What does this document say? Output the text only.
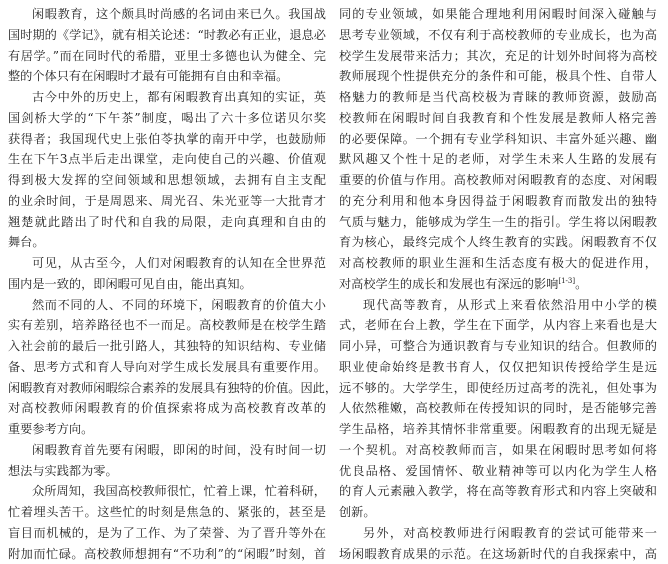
闲暇教育，这个颇具时尚感的名词由来已久。我国战
国时期的《学记》，就有相关论述：“时教必有正业，退息必
有居学。”而在同时代的希腊，亚里士多德也认为健全、完
整的个体只有在闲暇时才最有可能拥有自由和幸福。
古今中外的历史上，都有闲暇教育出真知的实证，英
国剑桥大学的“下午茶”制度，喝出了六十多位诺贝尔奖
获得者；我国现代史上张伯苓执掌的南开中学，也鼓励师
生在下午3点半后走出课堂，走向使自己的兴趣、价值观
得到极大发挥的空间领域和思想领域，去拥有自主支配
的业余时间，于是周恩来、周光召、朱光亚等一大批青才
翘楚就此踏出了时代和自我的局限，走向真理和自由的
舞台。
可见，从古至今，人们对闲暇教育的认知在全世界范
围内是一致的，即闲暇可见自由，能出真知。
然而不同的人、不同的环境下，闲暇教育的价值大小
实有差别，培养路径也不一而足。高校教师是在校学生踏
入社会前的最后一批引路人，其独特的知识结构、专业储
备、思考方式和育人导向对学生成长发展具有重要作用。
闲暇教育对教师闲暇综合素养的发展具有独特的价值。因此，
对高校教师闲暇教育的价值探索将成为高校教育改革的
重要参考方向。
闲暇教育首先要有闲暇，即闲的时间，没有时间一切
想法与实践都为零。
众所周知，我国高校教师很忙，忙着上课，忙着科研，
忙着埋头苦干。这些忙的时刻是焦急的、紧张的，甚至是
盲目而机械的，是为了工作、为了荣誉、为了晋升等外在
附加而忙碌。高校教师想拥有“不功利”的“闲暇”时刻，首
同的专业领域，如果能合理地利用闲暇时间深入碰触与
思考专业领域，不仅有利于高校教师的专业成长，也为高
校学生发展带来活力；其次，充足的计划外时间将为高校
教师展现个性提供充分的条件和可能，极具个性、自带人
格魅力的教师是当代高校极为青睐的教师资源，鼓励高
校教师在闲暇时间自我教育和个性发展是教师人格完善
的必要保障。一个拥有专业学科知识、丰富外延兴趣、幽
默风趣又个性十足的老师，对学生未来人生路的发展有
重要的价值与作用。高校教师对闲暇教育的态度、对闲暇
的充分利用和他本身因得益于闲暇教育而散发出的独特
气质与魅力，能够成为学生一生的指引。学生将以闲暇教
育为核心，最终完成个人终生教育的实践。闲暇教育不仅
对高校教师的职业生涯和生活态度有极大的促进作用，
对高校学生的成长和发展也有深远的影响[1-3]。
现代高等教育，从形式上来看依然沿用中小学的模
式，老师在台上教，学生在下面学，从内容上来看也是大
同小异，可整合为通识教育与专业知识的结合。但教师的
职业使命始终是教书育人，仅仅把知识传授给学生是远
远不够的。大学学生，即使经历过高考的洗礼，但处事为
人依然稚嫩，高校教师在传授知识的同时，是否能够完善
学生品格，培养其情怀非常重要。闲暇教育的出现无疑是
一个契机。对高校教师而言，如果在闲暇时思考如何将
优良品格、爱国情怀、敬业精神等可以内化为学生人格
的育人元素融入教学，将在高等教育形式和内容上突破和
创新。
另外，对高校教师进行闲暇教育的尝试可能带来一
场闲暇教育成果的示范。在这场新时代的自我探索中，高
